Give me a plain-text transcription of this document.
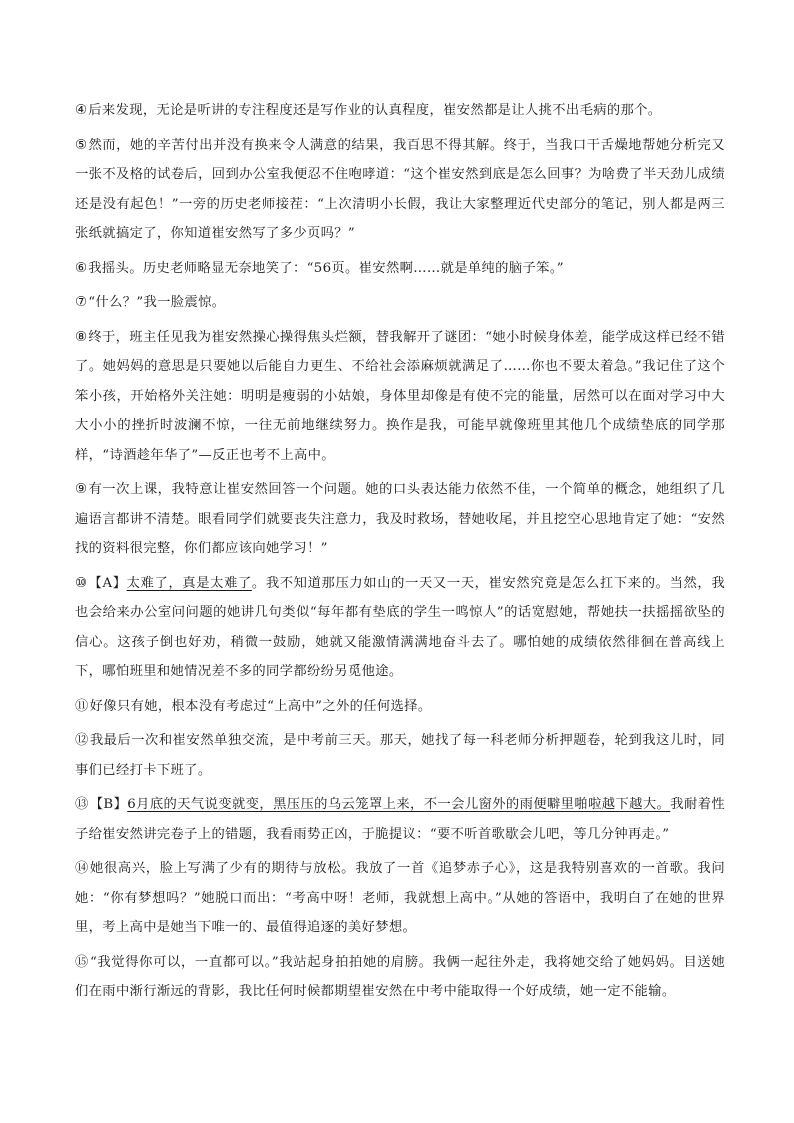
④后来发现，无论是听讲的专注程度还是写作业的认真程度，崔安然都是让人挑不出毛病的那个。

⑤然而，她的辛苦付出并没有换来令人满意的结果，我百思不得其解。终于，当我口干舌燥地帮她分析完又一张不及格的试卷后，回到办公室我便忍不住咆哮道：“这个崔安然到底是怎么回事？为啥费了半天劲儿成绩还是没有起色！”一旁的历史老师接茬：“上次清明小长假，我让大家整理近代史部分的笔记，别人都是两三张纸就搞定了，你知道崔安然写了多少页吗？”

⑥我摇头。历史老师略显无奈地笑了：“56页。崔安然啊……就是单纯的脑子笨。”

⑦“什么？”我一脸震惊。

⑧终于，班主任见我为崔安然操心操得焦头烂额，替我解开了谜团：“她小时候身体差，能学成这样已经不错了。她妈妈的意思是只要她以后能自力更生、不给社会添麻烦就满足了……你也不要太着急。”我记住了这个笨小孩，开始格外关注她：明明是瘦弱的小姑娘，身体里却像是有使不完的能量，居然可以在面对学习中大大小小的挫折时波澜不惊，一往无前地继续努力。换作是我，可能早就像班里其他几个成绩垫底的同学那样，“诗酒趁年华了”—反正也考不上高中。

⑨有一次上课，我特意让崔安然回答一个问题。她的口头表达能力依然不佳，一个简单的概念，她组织了几遍语言都讲不清楚。眼看同学们就要丧失注意力，我及时救场，替她收尾，并且挖空心思地肯定了她：“安然找的资料很完整，你们都应该向她学习！”

⑩【A】太难了，真是太难了。我不知道那压力如山的一天又一天，崔安然究竟是怎么扛下来的。当然，我也会给来办公室问问题的她讲几句类似“每年都有垫底的学生一鸣惊人”的话宽慰她，帮她扶一扶摇摇欲坠的信心。这孩子倒也好劝，稍微一鼓励，她就又能激情满满地奋斗去了。哪怕她的成绩依然徘徊在普高线上下，哪怕班里和她情况差不多的同学都纷纷另觅他途。

⑪好像只有她，根本没有考虑过“上高中”之外的任何选择。

⑫我最后一次和崔安然单独交流，是中考前三天。那天，她找了每一科老师分析押题卷，轮到我这儿时，同事们已经打卡下班了。

⑬【B】6月底的天气说变就变，黑压压的乌云笼罩上来，不一会儿窗外的雨便噼里啪啦越下越大。我耐着性子给崔安然讲完卷子上的错题，我看雨势正凶，于脆提议：“要不听首歌歇会儿吧，等几分钟再走。”

⑭她很高兴，脸上写满了少有的期待与放松。我放了一首《追梦赤子心》，这是我特别喜欢的一首歌。我问她：“你有梦想吗？”她脱口而出：“考高中呀！老师，我就想上高中。”从她的答语中，我明白了在她的世界里，考上高中是她当下唯一的、最值得追逐的美好梦想。

⑮“我觉得你可以，一直都可以。”我站起身拍拍她的肩膀。我俩一起往外走，我将她交给了她妈妈。目送她们在雨中渐行渐远的背影，我比任何时候都期望崔安然在中考中能取得一个好成绩，她一定不能输。
